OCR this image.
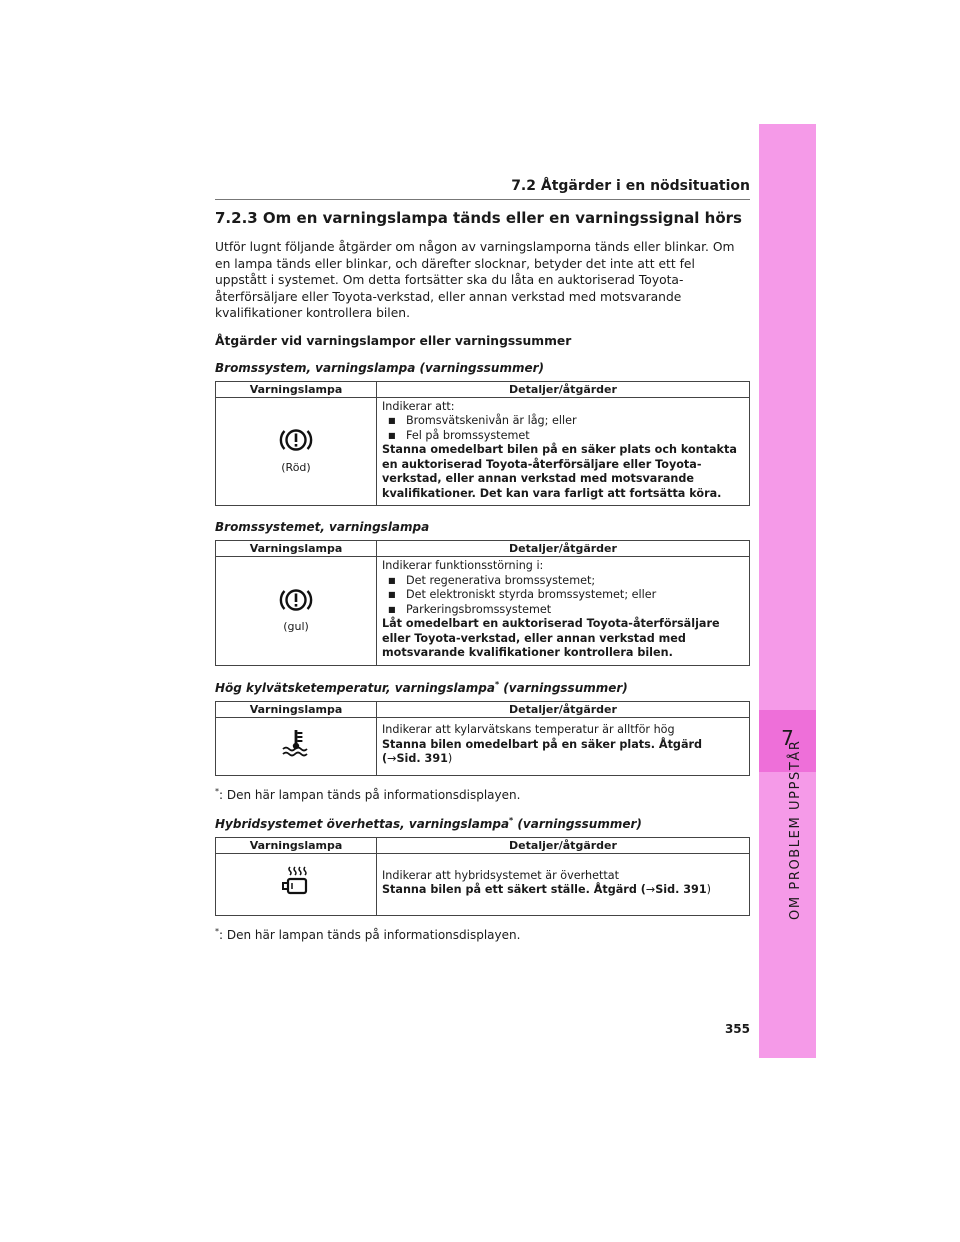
7
OM PROBLEM UPPSTÅR
7.2 Åtgärder i en nödsituation
7.2.3 Om en varningslampa tänds eller en varningssignal hörs

Utför lugnt följande åtgärder om någon av varningslamporna tänds eller blinkar. Om en lampa tänds eller blinkar, och därefter slocknar, betyder det inte att ett fel uppstått i systemet. Om detta fortsätter ska du låta en auktoriserad Toyota-återförsäljare eller Toyota-verkstad, eller annan verkstad med motsvarande kvalifikationer kontrollera bilen.

Åtgärder vid varningslampor eller varningssummer
Bromssystem, varningslampa (varningssummer)
Varningslampa	Detaljer/åtgärder

(Röd)	Indikerar att:
■ Bromsvätskenivån är låg; eller
■ Fel på bromssystemet
Stanna omedelbart bilen på en säker plats och kontakta en auktoriserad Toyota-återförsäljare eller Toyota-verkstad, eller annan verkstad med motsvarande kvalifikationer. Det kan vara farligt att fortsätta köra.
Bromssystemet, varningslampa
Varningslampa	Detaljer/åtgärder

(gul)	Indikerar funktionsstörning i:
■ Det regenerativa bromssystemet;
■ Det elektroniskt styrda bromssystemet; eller
■ Parkeringsbromssystemet
Låt omedelbart en auktoriserad Toyota-återförsäljare eller Toyota-verkstad, eller annan verkstad med motsvarande kvalifikationer kontrollera bilen.
Hög kylvätsketemperatur, varningslampa* (varningssummer)
Varningslampa	Detaljer/åtgärder

Indikerar att kylarvätskans temperatur är alltför hög
Stanna bilen omedelbart på en säker plats. Åtgärd (→Sid. 391)
*: Den här lampan tänds på informationsdisplayen.
Hybridsystemet överhettas, varningslampa* (varningssummer)
Varningslampa	Detaljer/åtgärder

Indikerar att hybridsystemet är överhettat
Stanna bilen på ett säkert ställe. Åtgärd (→Sid. 391)
*: Den här lampan tänds på informationsdisplayen.
355
